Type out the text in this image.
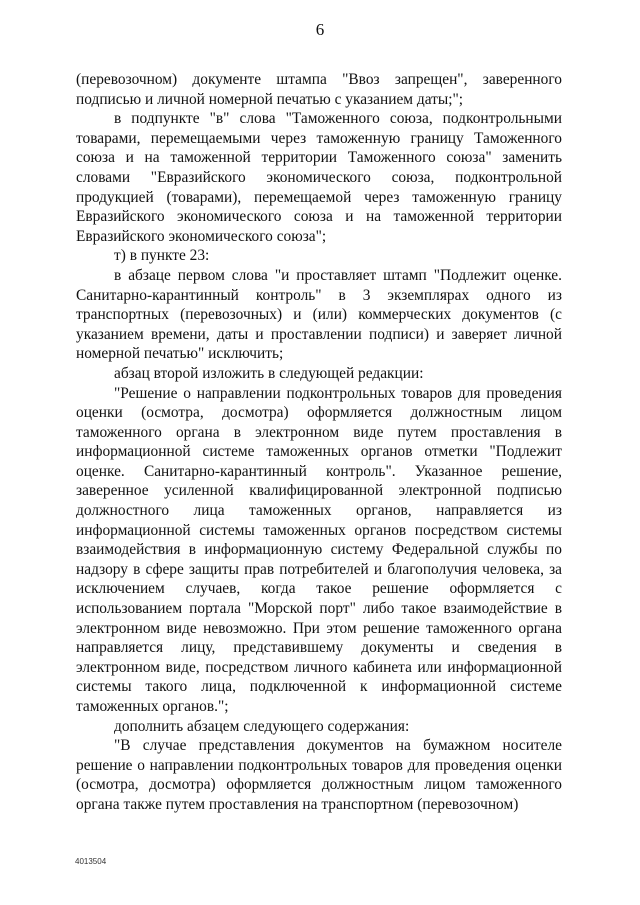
6

(перевозочном) документе штампа "Ввоз запрещен", заверенного подписью и личной номерной печатью с указанием даты;";

в подпункте "в" слова "Таможенного союза, подконтрольными товарами, перемещаемыми через таможенную границу Таможенного союза и на таможенной территории Таможенного союза" заменить словами "Евразийского экономического союза, подконтрольной продукцией (товарами), перемещаемой через таможенную границу Евразийского экономического союза и на таможенной территории Евразийского экономического союза";

т) в пункте 23:

в абзаце первом слова "и проставляет штамп "Подлежит оценке. Санитарно-карантинный контроль" в 3 экземплярах одного из транспортных (перевозочных) и (или) коммерческих документов (с указанием времени, даты и проставлении подписи) и заверяет личной номерной печатью" исключить;

абзац второй изложить в следующей редакции:

"Решение о направлении подконтрольных товаров для проведения оценки (осмотра, досмотра) оформляется должностным лицом таможенного органа в электронном виде путем проставления в информационной системе таможенных органов отметки "Подлежит оценке. Санитарно-карантинный контроль". Указанное решение, заверенное усиленной квалифицированной электронной подписью должностного лица таможенных органов, направляется из информационной системы таможенных органов посредством системы взаимодействия в информационную систему Федеральной службы по надзору в сфере защиты прав потребителей и благополучия человека, за исключением случаев, когда такое решение оформляется с использованием портала "Морской порт" либо такое взаимодействие в электронном виде невозможно. При этом решение таможенного органа направляется лицу, представившему документы и сведения в электронном виде, посредством личного кабинета или информационной системы такого лица, подключенной к информационной системе таможенных органов.";

дополнить абзацем следующего содержания:

"В случае представления документов на бумажном носителе решение о направлении подконтрольных товаров для проведения оценки (осмотра, досмотра) оформляется должностным лицом таможенного органа также путем проставления на транспортном (перевозочном)

4013504
